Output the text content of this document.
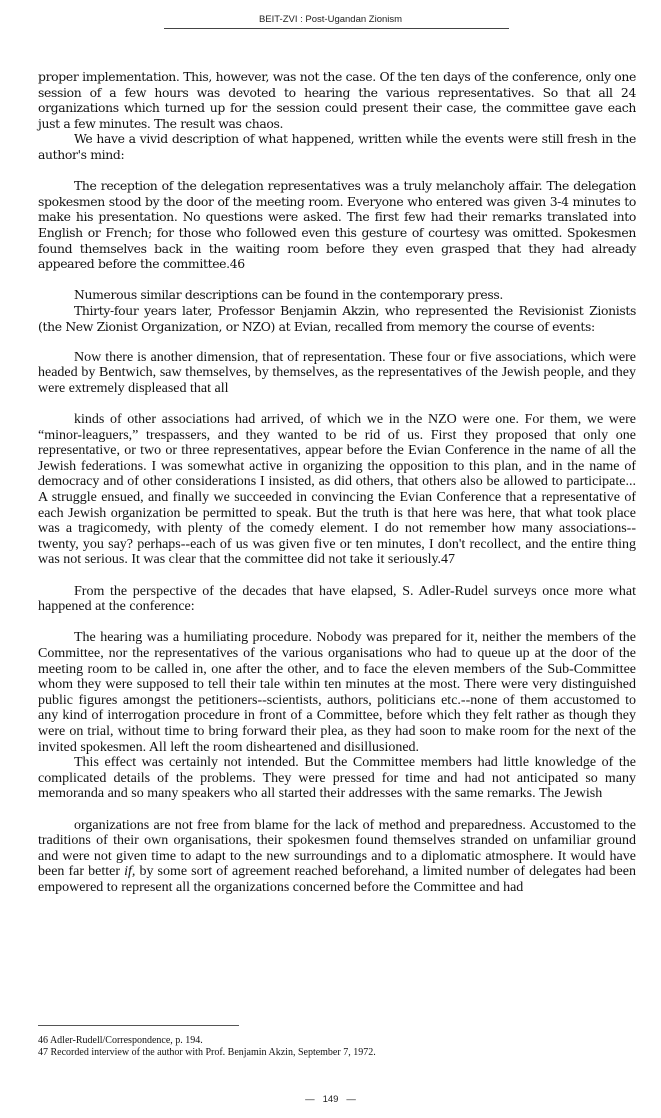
BEIT-ZVI : Post-Ugandan Zionism

proper implementation. This, however, was not the case. Of the ten days of the conference, only one session of a few hours was devoted to hearing the various representatives. So that all 24 organizations which turned up for the session could present their case, the committee gave each just a few minutes. The result was chaos.

We have a vivid description of what happened, written while the events were still fresh in the author's mind:

The reception of the delegation representatives was a truly melancholy affair. The delegation spokesmen stood by the door of the meeting room. Everyone who entered was given 3-4 minutes to make his presentation. No questions were asked. The first few had their remarks translated into English or French; for those who followed even this gesture of courtesy was omitted. Spokesmen found themselves back in the waiting room before they even grasped that they had already appeared before the committee.46

Numerous similar descriptions can be found in the contemporary press.

Thirty-four years later, Professor Benjamin Akzin, who represented the Revisionist Zionists (the New Zionist Organization, or NZO) at Evian, recalled from memory the course of events:

Now there is another dimension, that of representation. These four or five associations, which were headed by Bentwich, saw themselves, by themselves, as the representatives of the Jewish people, and they were extremely displeased that all

kinds of other associations had arrived, of which we in the NZO were one. For them, we were “minor-leaguers,” trespassers, and they wanted to be rid of us. First they proposed that only one representative, or two or three representatives, appear before the Evian Conference in the name of all the Jewish federations. I was somewhat active in organizing the opposition to this plan, and in the name of democracy and of other considerations I insisted, as did others, that others also be allowed to participate... A struggle ensued, and finally we succeeded in convincing the Evian Conference that a representative of each Jewish organization be permitted to speak. But the truth is that here was here, that what took place was a tragicomedy, with plenty of the comedy element. I do not remember how many associations--twenty, you say? perhaps--each of us was given five or ten minutes, I don't recollect, and the entire thing was not serious. It was clear that the committee did not take it seriously.47

From the perspective of the decades that have elapsed, S. Adler-Rudel surveys once more what happened at the conference:

The hearing was a humiliating procedure. Nobody was prepared for it, neither the members of the Committee, nor the representatives of the various organisations who had to queue up at the door of the meeting room to be called in, one after the other, and to face the eleven members of the Sub-Committee whom they were supposed to tell their tale within ten minutes at the most. There were very distinguished public figures amongst the petitioners--scientists, authors, politicians etc.--none of them accustomed to any kind of interrogation procedure in front of a Committee, before which they felt rather as though they were on trial, without time to bring forward their plea, as they had soon to make room for the next of the invited spokesmen. All left the room disheartened and disillusioned.

This effect was certainly not intended. But the Committee members had little knowledge of the complicated details of the problems. They were pressed for time and had not anticipated so many memoranda and so many speakers who all started their addresses with the same remarks. The Jewish

organizations are not free from blame for the lack of method and preparedness. Accustomed to the traditions of their own organisations, their spokesmen found themselves stranded on unfamiliar ground and were not given time to adapt to the new surroundings and to a diplomatic atmosphere. It would have been far better if, by some sort of agreement reached beforehand, a limited number of delegates had been empowered to represent all the organizations concerned before the Committee and had

46 Adler-Rudell/Correspondence, p. 194.

47 Recorded interview of the author with Prof. Benjamin Akzin, September 7, 1972.

— 149 —
